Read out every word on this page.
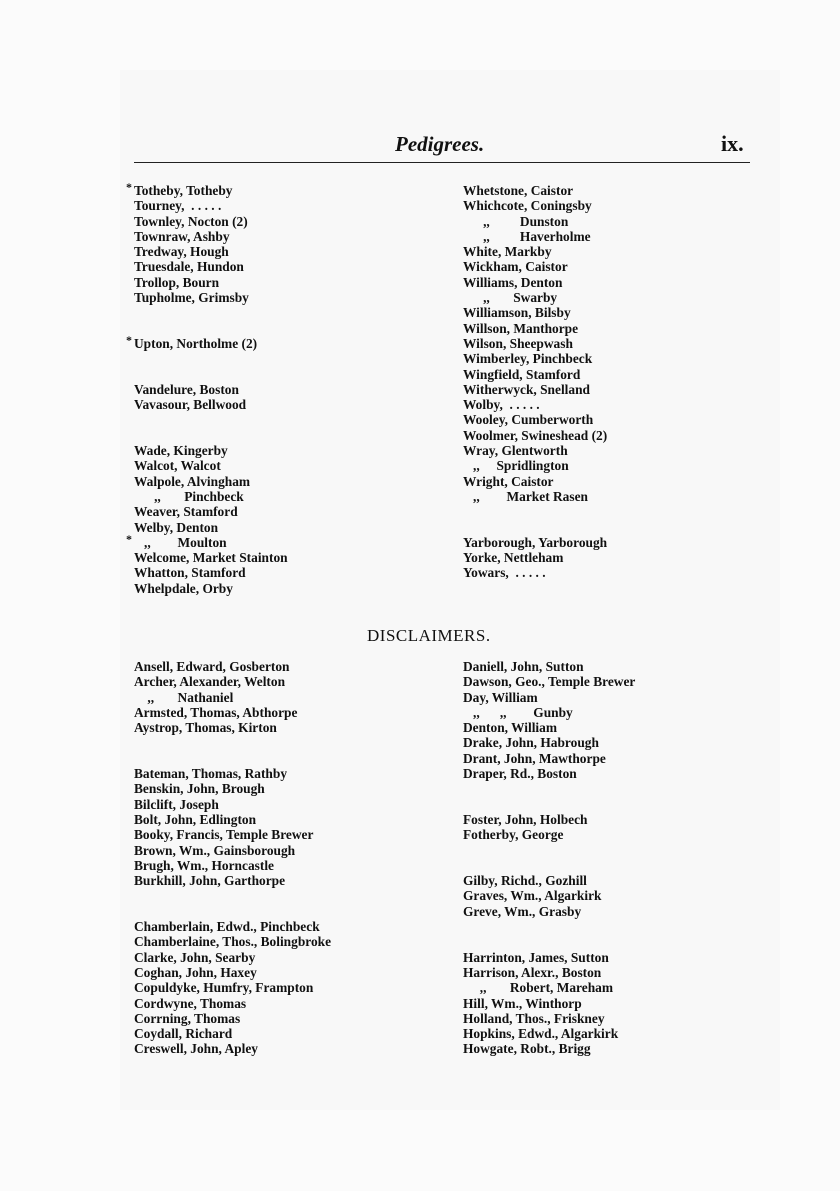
Pedigrees.	ix.
* Totheby, Totheby
Tourney,  . . . . .
Townley, Nocton (2)
Townraw, Ashby
Tredway, Hough
Truesdale, Hundon
Trollop, Bourn
Tupholme, Grimsby
* Upton, Northolme (2)
Vandelure, Boston
Vavasour, Bellwood
Wade, Kingerby
Walcot, Walcot
Walpole, Alvingham
,,       Pinchbeck
Weaver, Stamford
Welby, Denton
* ,,        Moulton
Welcome, Market Stainton
Whatton, Stamford
Whelpdale, Orby
Whetstone, Caistor
Whichcote, Coningsby
,,         Dunston
,,         Haverholme
White, Markby
Wickham, Caistor
Williams, Denton
,,       Swarby
Williamson, Bilsby
Willson, Manthorpe
Wilson, Sheepwash
Wimberley, Pinchbeck
Wingfield, Stamford
Witherwyck, Snelland
Wolby,  . . . . .
Wooley, Cumberworth
Woolmer, Swineshead (2)
Wray, Glentworth
,,     Spridlington
Wright, Caistor
,,        Market Rasen
Yarborough, Yarborough
Yorke, Nettleham
Yowars,  . . . . .
DISCLAIMERS.
Ansell, Edward, Gosberton
Archer, Alexander, Welton
,,       Nathaniel
Armsted, Thomas, Abthorpe
Aystrop, Thomas, Kirton
Bateman, Thomas, Rathby
Benskin, John, Brough
Bilclift, Joseph
Bolt, John, Edlington
Booky, Francis, Temple Brewer
Brown, Wm., Gainsborough
Brugh, Wm., Horncastle
Burkhill, John, Garthorpe
Chamberlain, Edwd., Pinchbeck
Chamberlaine, Thos., Bolingbroke
Clarke, John, Searby
Coghan, John, Haxey
Copuldyke, Humfry, Frampton
Cordwyne, Thomas
Corrning, Thomas
Coydall, Richard
Creswell, John, Apley
Daniell, John, Sutton
Dawson, Geo., Temple Brewer
Day, William
,,      ,,        Gunby
Denton, William
Drake, John, Habrough
Drant, John, Mawthorpe
Draper, Rd., Boston
Foster, John, Holbech
Fotherby, George
Gilby, Richd., Gozhill
Graves, Wm., Algarkirk
Greve, Wm., Grasby
Harrinton, James, Sutton
Harrison, Alexr., Boston
,,       Robert, Mareham
Hill, Wm., Winthorp
Holland, Thos., Friskney
Hopkins, Edwd., Algarkirk
Howgate, Robt., Brigg
